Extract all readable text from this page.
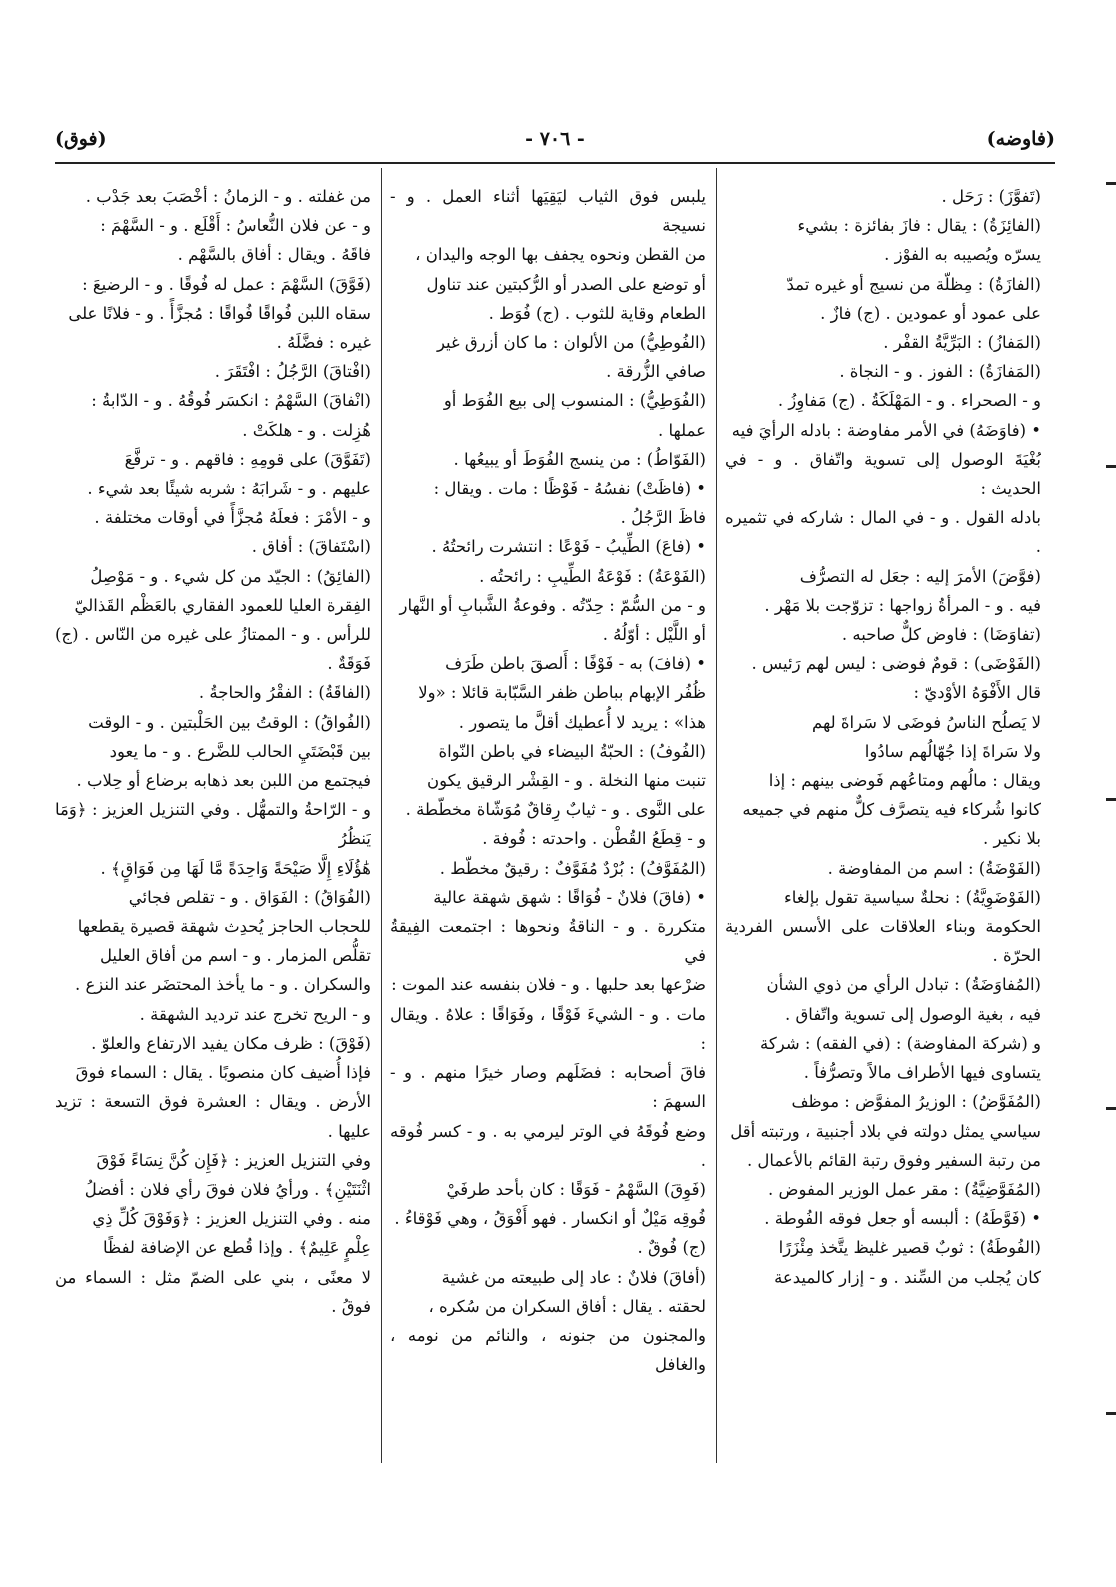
(فاوضه)
- ٧٠٦ -
(فوق)

(تَفوَّزَ) : رَحَل .

(الفائِزَةُ) : يقال : فازَ بفائزة : بشيء

يسرّه ويُصيبه به الفوْز .

(الفازَةُ) : مِظلّة من نسيج أو غيره تمدّ

على عمود أو عمودين . (ج) فازٌ .

(المَفازُ) : البَرِّيَّةُ القفْر .

(المَفازَةُ) : الفوز . و - النجاة .

و - الصحراء . و - المَهْلَكَةُ . (ج) مَفاوِزُ .

• (فاوَضَهُ) في الأمر مفاوضة : بادله الرأيَ فيه

بُغْيَةَ الوصول إلى تسوية واتّفاق . و - في الحديث :

بادله القول . و - في المال : شاركه في تثميره .

(فوَّضَ) الأمرَ إليه : جعَل له التصرُّف

فيه . و - المرأةُ زواجها : تزوّجت بلا مَهْر .

(تفاوَضَا) : فاوض كلٌّ صاحبه .

(الفَوْضَى) : قومٌ فوضى : ليس لهم رَئيس .

قال الأَفْوَهُ الأوْديّ :

لا يَصلُح الناسُ فوضَى لا سَراةَ لهم

ولا سَراةَ إذا جُهّالُهم سادُوا

ويقال : مالُهم ومتاعُهم فَوضى بينهم : إذا

كانوا شُركاء فيه يتصرَّف كلٌّ منهم في جميعه

بلا نكير .

(الفَوْضَةُ) : اسم من المفاوضة .

(الفَوْضَوِيَّةُ) : نحلةٌ سياسية تقول بإلغاء

الحكومة وبناء العلاقات على الأسس الفردية الحرّة .

(المُفاوَضَةُ) : تبادل الرأي من ذوي الشأن

فيه ، بغية الوصول إلى تسوية واتّفاق .

و (شركة المفاوضة) : (في الفقه) : شركة

يتساوى فيها الأطراف مالاً وتصرُّفاً .

(المُفَوَّضُ) : الوزيرُ المفوَّض : موظف

سياسي يمثل دولته في بلاد أجنبية ، ورتبته أقل

من رتبة السفير وفوق رتبة القائم بالأعمال .

(المُفَوَّضِيَّةُ) : مقر عمل الوزير المفوض .

• (فَوَّطَهُ) : ألبسه أو جعل فوقه الفُوطة .

(الفُوطَةُ) : ثوبٌ قصير غليظ يتَّخذ مِئْزَرًا

كان يُجلب من السِّند . و - إزار كالميدعة

يلبس فوق الثياب ليَقِيَها أثناء العمل . و - نسيجة

من القطن ونحوه يجفف بها الوجه واليدان ،

أو توضع على الصدر أو الرُّكبتين عند تناول

الطعام وقاية للثوب . (ج) فُوَط .

(الفُوطِيُّ) من الألوان : ما كان أزرق غير

صافي الزُّرقة .

(الفُوَطِيُّ) : المنسوب إلى بيع الفُوَط أو

عملها .

(الفَوّاطُ) : من ينسج الفُوَطَ أو يبيعُها .

• (فاظَتْ) نفسُهُ - فَوْظًا : مات . ويقال :

فاظَ الرَّجُلُ .

• (فاعَ) الطِّيبُ - فَوْعًا : انتشرت رائحتُهُ .

(الفَوْعَةُ) : فَوْعَةُ الطِّيبِ : رائحتُه .

و - من السُّمّ : حِدّتُه . وفوعةُ الشَّبابِ أو النَّهار

أو اللَّيْل : أوّلُهُ .

• (فافَ) به - فَوْفًا : أَلصقَ باطن طَرَف

ظُفُر الإبهام بباطن ظفر السَّبّابة قائلا : «ولا

هذا» : يريد لا أُعطيك أقلَّ ما يتصور .

(الفُوفُ) : الحبّةُ البيضاء في باطن النّواة

تنبت منها النخلة . و - القِشْر الرقيق يكون

على النَّوى . و - ثيابٌ رِقاقٌ مُوَشّاة مخطّطة .

و - قِطَعُ القُطْن . واحدته : فُوفة .

(المُفَوَّفُ) : بُرْدٌ مُفَوَّفٌ : رقيقٌ مخطّط .

• (فاقَ) فلانٌ - فُوَاقًا : شهق شهقة عالية

متكررة . و - الناقةُ ونحوها : اجتمعت الفِيقةُ في

ضرْعها بعد حلبها . و - فلان بنفسه عند الموت :

مات . و - الشيءَ فَوْقًا ، وفَوَاقًا : علاهُ . ويقال :

فاقَ أصحابه : فضَلَهم وصار خيرًا منهم . و - السهمَ :

وضع فُوقَهُ في الوتر ليرمي به . و - كسر فُوقه .

(فَوِقَ) السَّهْمُ - فَوَقًا : كان بأحد طرفَيْ

فُوقِه مَيْلٌ أو انكسار . فهو أَفْوَقُ ، وهي فَوْقاءُ .

(ج) فُوقٌ .

(أفاقَ) فلانٌ : عاد إلى طبيعته من غشية

لحقته . يقال : أفاق السكران من سُكره ،

والمجنون من جنونه ، والنائم من نومه ، والغافل

من غفلته . و - الزمانُ : أخْصَبَ بعد جَدْب .

و - عن فلان النُّعاسُ : أَقْلَع . و - السَّهْمَ :

فاقَهُ . ويقال : أفاق بالسَّهْم .

(فَوَّقَ) السَّهْمَ : عمل له فُوقًا . و - الرضيعَ :

سقاه اللبن فُواقًا فُواقًا : مُجزَّأً . و - فلانًا على

غيره : فضَّلَهُ .

(افْتاقَ) الرَّجُلُ : افْتَقَرَ .

(انْفاقَ) السَّهْمُ : انكسَر فُوقُهُ . و - الدّابةُ :

هُزِلت . و - هلكَتْ .

(تَفَوَّقَ) على قومِهِ : فاقهم . و - ترفَّعَ

عليهم . و - شَرابَهُ : شربه شيئًا بعد شيء .

و - الأمْرَ : فعلَهُ مُجزَّأً في أوقات مختلفة .

(اسْتَفاقَ) : أفاق .

(الفائِقُ) : الجيّد من كل شيء . و - مَوْصِلُ

الفِقرة العليا للعمود الفقاري بالعَظْم القَذاليّ

للرأس . و - الممتازُ على غيره من النّاس . (ج) فَوَقَةٌ .

(الفاقَةُ) : الفقْرُ والحاجةُ .

(الفُواقُ) : الوقتُ بين الحَلْبتين . و - الوقت

بين قَبْضَتَيِ الحالب للضَّرع . و - ما يعود

فيجتمع من اللبن بعد ذهابه برضاع أو حِلاب .

و - الرّاحةُ والتمهُّل . وفي التنزيل العزيز : ﴿وَمَا يَنظُرُ

هَٰؤُلَاءِ إِلَّا صَيْحَةً وَاحِدَةً مَّا لَهَا مِن فَوَاقٍ﴾ .

(الفُوَاقُ) : الفَوَاق . و - تقلص فجائي

للحجاب الحاجز يُحدِث شهقة قصيرة يقطعها

تقلُّص المزمار . و - اسم من أفاق العليل

والسكران . و - ما يأخذ المحتضَر عند النزع .

و - الريح تخرج عند ترديد الشهقة .

(فَوْقَ) : ظرف مكان يفيد الارتفاع والعلوّ .

فإذا أُضيف كان منصوبًا . يقال : السماء فوقَ

الأرض . ويقال : العشرة فوق التسعة : تزيد عليها .

وفي التنزيل العزيز : ﴿فَإِن كُنَّ نِسَاءً فَوْقَ

اثْنَتَيْنِ﴾ . ورأيُ فلان فوقَ رأي فلان : أفضلُ

منه . وفي التنزيل العزيز : ﴿وَفَوْقَ كُلِّ ذِي

عِلْمٍ عَلِيمٌ﴾ . وإذا قُطع عن الإضافة لفظًا

لا معنًى ، بني على الضمّ مثل : السماء من فوقُ .
